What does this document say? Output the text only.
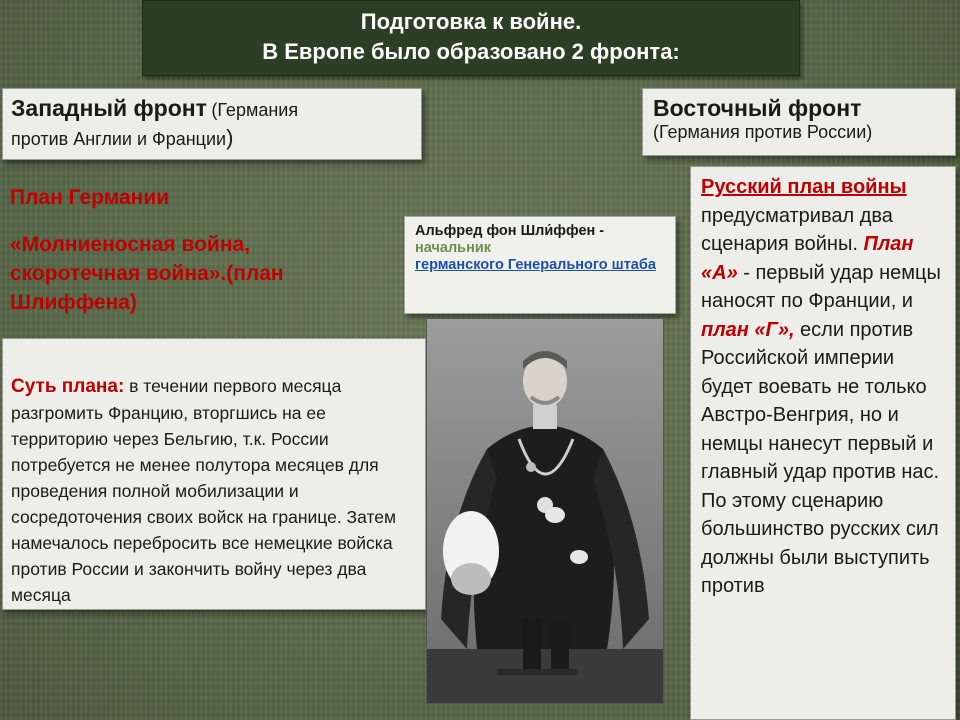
Подготовка к войне.
В Европе было образовано 2 фронта:
Западный фронт (Германия
против Англии и Франции)
Восточный фронт
(Германия против России)
План Германии
«Молниеносная война,
скоротечная война».(план
Шлиффена)
Суть плана: в течении первого месяца разгромить Францию, вторгшись на ее территорию через Бельгию, т.к. России потребуется не менее полутора месяцев для проведения полной мобилизации и сосредоточения своих войск на границе. Затем намечалось перебросить все немецкие войска против России и закончить войну через два месяца
Альфред фон Шли́ффен -
начальник
германского Генерального штаба
Русский план войны предусматривал два сценария войны. План «А» - первый удар немцы наносят по Франции, и план «Г», если против Российской империи будет воевать не только Австро-Венгрия, но и немцы нанесут первый и главный удар против нас. По этому сценарию большинство русских сил должны были выступить против
